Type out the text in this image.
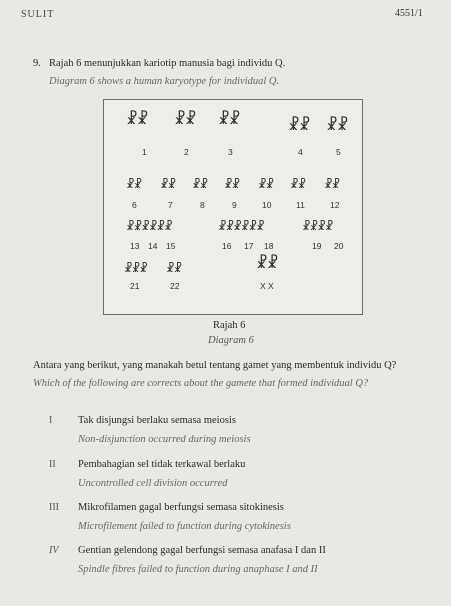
SULIT	4551/1
9. Rajah 6 menunjukkan kariotip manusia bagi individu Q.
Diagram 6 shows a human karyotype for individual Q.
☧☧ ☧☧ ☧☧	☧☧ ☧☧
1	2	3	4	5
☧☧ ☧☧ ☧☧ ☧☧ ☧☧ ☧☧ ☧☧
6	7	8	9	10	11	12
☧☧☧☧☧☧	☧☧☧☧☧☧	☧☧☧☧
13 14 15	16 17 18	19 20
☧☧☧ ☧☧	☧☧
21	22	X X
Rajah 6
Diagram 6
Antara yang berikut, yang manakah betul tentang gamet yang membentuk individu Q?
Which of the following are corrects about the gamete that formed individual Q?
I Tak disjungsi berlaku semasa meiosis
Non-disjunction occurred during meiosis
II Pembahagian sel tidak terkawal berlaku
Uncontrolled cell division occurred
III Mikrofilamen gagal berfungsi semasa sitokinesis
Microfilement failed to function during cytokinesis
IV Gentian gelendong gagal berfungsi semasa anafasa I dan II
Spindle fibres failed to function during anaphase I and II
